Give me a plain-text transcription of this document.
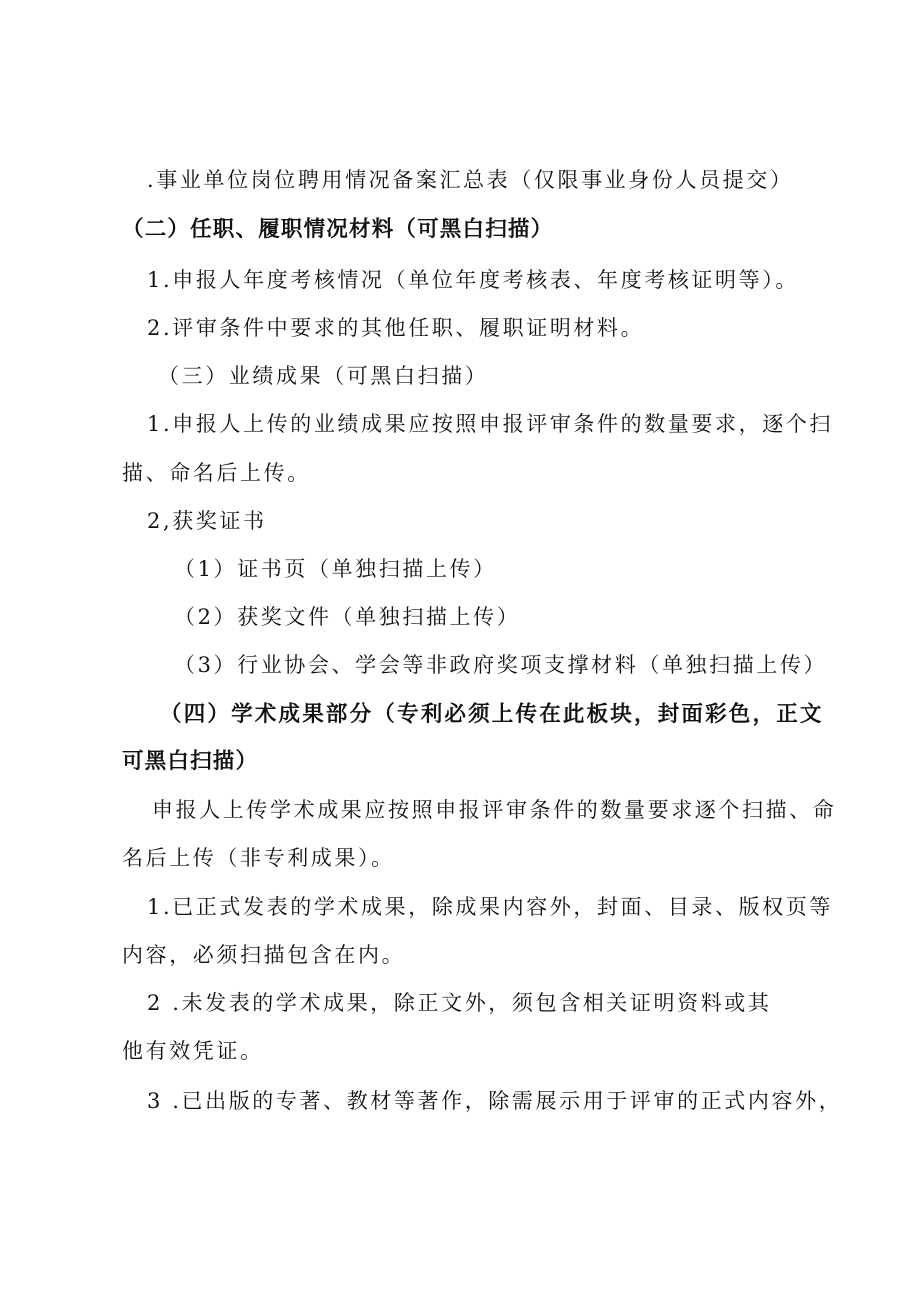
.事业单位岗位聘用情况备案汇总表（仅限事业身份人员提交）
（二）任职、履职情况材料（可黑白扫描）
1.申报人年度考核情况（单位年度考核表、年度考核证明等）。
2.评审条件中要求的其他任职、履职证明材料。
（三）业绩成果（可黑白扫描）
1.申报人上传的业绩成果应按照申报评审条件的数量要求，逐个扫
描、命名后上传。
2,获奖证书
（1）证书页（单独扫描上传）
（2）获奖文件（单独扫描上传）
（3）行业协会、学会等非政府奖项支撑材料（单独扫描上传）
（四）学术成果部分（专利必须上传在此板块，封面彩色，正文
可黑白扫描）
申报人上传学术成果应按照申报评审条件的数量要求逐个扫描、命
名后上传（非专利成果）。
1.已正式发表的学术成果，除成果内容外，封面、目录、版权页等
内容，必须扫描包含在内。
2 .未发表的学术成果，除正文外，须包含相关证明资料或其
他有效凭证。
3 .已出版的专著、教材等著作，除需展示用于评审的正式内容外，
